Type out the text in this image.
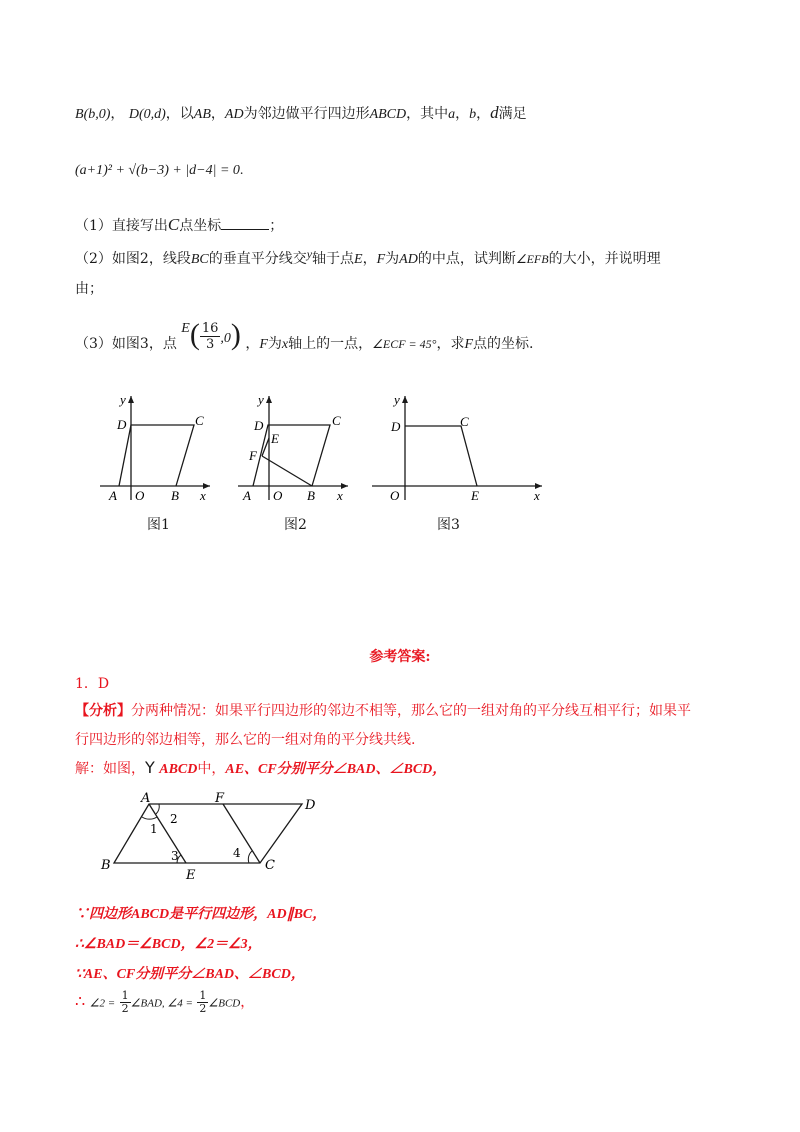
B(b,0)， D(0,d)，以AB，AD为邻边做平行四边形ABCD，其中a，b，d满足
(a+1)² + √(b−3) + |d−4| = 0.
（1）直接写出C点坐标	；
（2）如图2，线段BC的垂直平分线交y轴于点E，F为AD的中点，试判断∠EFB的大小，并说明理
由；
（3）如图3，点 $E( \frac{16}{3} ,0)$ ，F为x轴上的一点，∠ECF = 45°，求F点的坐标.
y
D	C
A O B x
y
D	C
E
F
A O B x
y
D	C
O	E	x
图1	图2	图3
参考答案:
1．D
【分析】分两种情况：如果平行四边形的邻边不相等，那么它的一组对角的平分线互相平行；如果平
行四边形的邻边相等，那么它的一组对角的平分线共线.
解：如图，Y ABCD中，AE、CF分别平分∠BAD、∠BCD，
A	F	D
B
E
C
1
2
3	4
∵四边形ABCD是平行四边形，AD∥BC，
∴∠BAD＝∠BCD，∠2＝∠3，
∵AE、CF分别平分∠BAD、∠BCD，
∴ ∠2 = $\frac{1}{2}$ ∠BAD, ∠4 = $\frac{1}{2}$ ∠BCD，
